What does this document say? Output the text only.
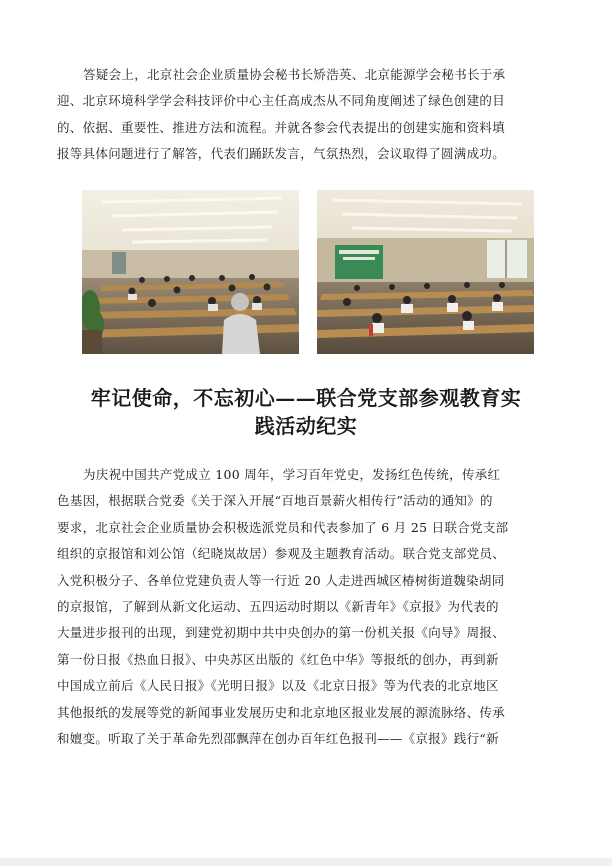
答疑会上，北京社会企业质量协会秘书长矫浩英、北京能源学会秘书长于承
迎、北京环境科学学会科技评价中心主任高成杰从不同角度阐述了绿色创建的目
的、依据、重要性、推进方法和流程。并就各参会代表提出的创建实施和资料填
报等具体问题进行了解答，代表们踊跃发言，气氛热烈，会议取得了圆满成功。

牢记使命，不忘初心——联合党支部参观教育实
践活动纪实

为庆祝中国共产党成立 100 周年，学习百年党史，发扬红色传统，传承红
色基因，根据联合党委《关于深入开展“百地百景薪火相传行”活动的通知》的
要求，北京社会企业质量协会积极选派党员和代表参加了 6 月 25 日联合党支部
组织的京报馆和刘公馆（纪晓岚故居）参观及主题教育活动。联合党支部党员、
入党积极分子、各单位党建负责人等一行近 20 人走进西城区椿树街道魏染胡同
的京报馆，了解到从新文化运动、五四运动时期以《新青年》《京报》为代表的
大量进步报刊的出现，到建党初期中共中央创办的第一份机关报《向导》周报、
第一份日报《热血日报》、中央苏区出版的《红色中华》等报纸的创办，再到新
中国成立前后《人民日报》《光明日报》以及《北京日报》等为代表的北京地区
其他报纸的发展等党的新闻事业发展历史和北京地区报业发展的源流脉络、传承
和嬗变。听取了关于革命先烈邵飘萍在创办百年红色报刊——《京报》践行“新
